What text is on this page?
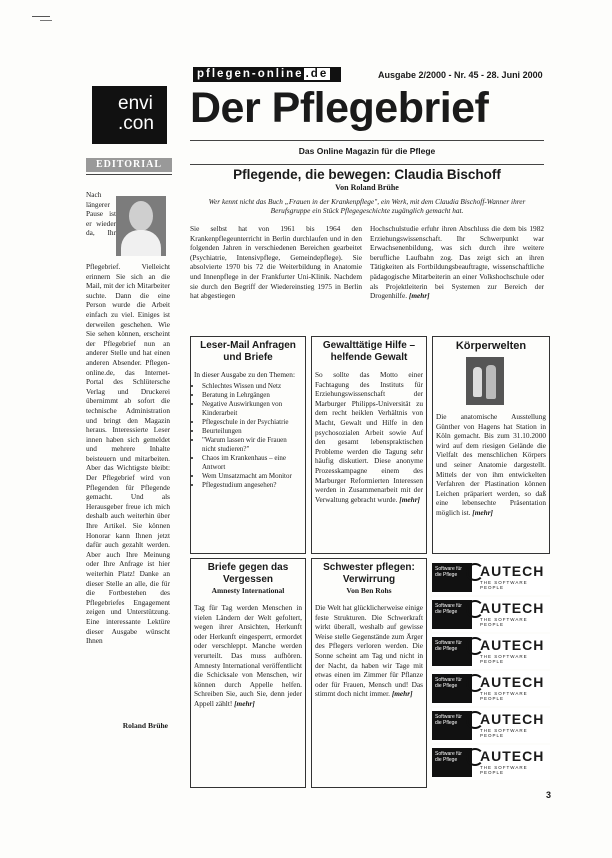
envi
.con
pflegen-online .de	Ausgabe 2/2000 - Nr. 45 - 28. Juni 2000
Der Pflegebrief
Das Online Magazin für die Pflege
EDITORIAL
Nach längerer Pause ist er wieder da, Ihr Pflegebrief. Vielleicht erinnern Sie sich an die Mail, mit der ich Mitarbeiter suchte. Dann die eine Person wurde die Arbeit einfach zu viel. Einiges ist derweilen geschehen. Wie Sie sehen können, erscheint der Pflegebrief nun an anderer Stelle und hat einen anderen Absender. Pflegen-online.de, das Internet-Portal des Schlütersche Verlag und Druckerei übernimmt ab sofort die technische Administration und bringt den Magazin heraus. Interessierte Leser innen haben sich gemeldet und mehrere Inhalte beisteuern und mitarbeiten. Aber das Wichtigste bleibt: Der Pflegebrief wird von Pflegenden für Pflegende gemacht. Und als Herausgeber freue ich mich deshalb auch weiterhin über Ihre Artikel. Sie können Honorar kann Ihnen jetzt dafür auch gezahlt werden. Aber auch Ihre Meinung oder Ihre Anfrage ist hier weiterhin Platz! Danke an dieser Stelle an alle, die für die Fortbestehen des Pflegebriefes Engagement zeigen und Unterstützung. Eine interessante Lektüre dieser Ausgabe wünscht Ihnen
Roland Brühe
Pflegende, die bewegen: Claudia Bischoff
Von Roland Brühe
Wer kennt nicht das Buch „Frauen in der Krankenpflege", ein Werk, mit dem Claudia Bischoff-Wanner ihrer Berufsgruppe ein Stück Pflegegeschichte zugänglich gemacht hat.
Sie selbst hat von 1961 bis 1964 den Krankenpflegeunterricht in Berlin durchlaufen und in den folgenden Jahren in verschiedenen Bereichen gearbeitet (Psychiatrie, Intensivpflege, Gemeindepflege). Sie absolvierte 1970 bis 72 die Weiterbildung in Anatomie und Innenpflege in der Frankfurter Uni-Klinik. Nachdem sie durch den Begriff der Wiedereinstieg 1975 in Berlin hat abgestiegen
Hochschulstudie erfuhr ihren Abschluss die dem bis 1982 Erziehungswissenschaft. Ihr Schwerpunkt war Erwachsenenbildung, was sich durch ihre weitere berufliche Laufbahn zog. Das zeigt sich an ihren Tätigkeiten als Fortbildungsbeauftragte, wissenschaftliche pädagogische Mitarbeiterin an einer Volkshochschule oder als Projektleiterin bei Systemen zur Bereich der Drogenhilfe. [mehr]
Leser-Mail Anfragen und Briefe
In dieser Ausgabe zu den Themen:
• Schlechtes Wissen und Netz
• Beratung in Lehrgängen
• Negative Auswirkungen von Kinderarbeit
• Pflegeschule in der Psychiatrie
• Beurteilungen
• "Warum lassen wir die Frauen nicht studieren?"
• Chaos im Krankenhaus – eine Antwort
• Wem Umsatzmacht am Monitor
• Pflegestudium angesehen?
Gewalttätige Hilfe – helfende Gewalt
So sollte das Motto einer Fachtagung des Instituts für Erziehungswissenschaft der Marburger Philipps-Universität zu dem recht heiklen Verhältnis von Macht, Gewalt und Hilfe in den psychosozialen Arbeit sowie Auf den gesamt lebenspraktischen Probleme werden die Tagung sehr häufig diskutiert. Diese anonyme Prozesskampagne einem des Marburger Reformierten Interessen werden in Zusammenarbeit mit der Verwaltung gebracht wurde. [mehr]
Körperwelten
Die anatomische Ausstellung Günther von Hagens hat Station in Köln gemacht. Bis zum 31.10.2000 wird auf dem riesigen Gelände die Vielfalt des menschlichen Körpers und seiner Anatomie dargestellt. Mittels der von ihm entwickelten Verfahren der Plastination können Leichen präpariert werden, so daß eine lebensechte Präsentation möglich ist. [mehr]
Briefe gegen das Vergessen
Amnesty International
Tag für Tag werden Menschen in vielen Ländern der Welt gefoltert, wegen ihrer Ansichten, Herkunft oder Herkunft eingesperrt, ermordet oder verschleppt. Manche werden verurteilt. Das muss aufhören. Amnesty International veröffentlicht die Schicksale von Menschen, wir können durch Appelle helfen. Schreiben Sie, auch Sie, denn jeder Appell zählt! [mehr]
Schwester pflegen: Verwirrung
Von Ben Rohs
Die Welt hat glücklicherweise einige feste Strukturen. Die Schwerkraft wirkt überall, weshalb auf gewisse Weise stelle Gegenstände zum Ärger des Pflegers verloren werden. Die Sonne scheint am Tag und nicht in der Nacht, da haben wir Tage mit etwas einen im Zimmer für Pflanze oder für Frauen, Mensch und! Das stimmt doch nicht immer. [mehr]
Software für die Pflege	AUTECH
THE SOFTWARE PEOPLE
Software für die Pflege	AUTECH
THE SOFTWARE PEOPLE
Software für die Pflege	AUTECH
THE SOFTWARE PEOPLE
Software für die Pflege	AUTECH
THE SOFTWARE PEOPLE
Software für die Pflege	AUTECH
THE SOFTWARE PEOPLE
Software für die Pflege	AUTECH
THE SOFTWARE PEOPLE
3
